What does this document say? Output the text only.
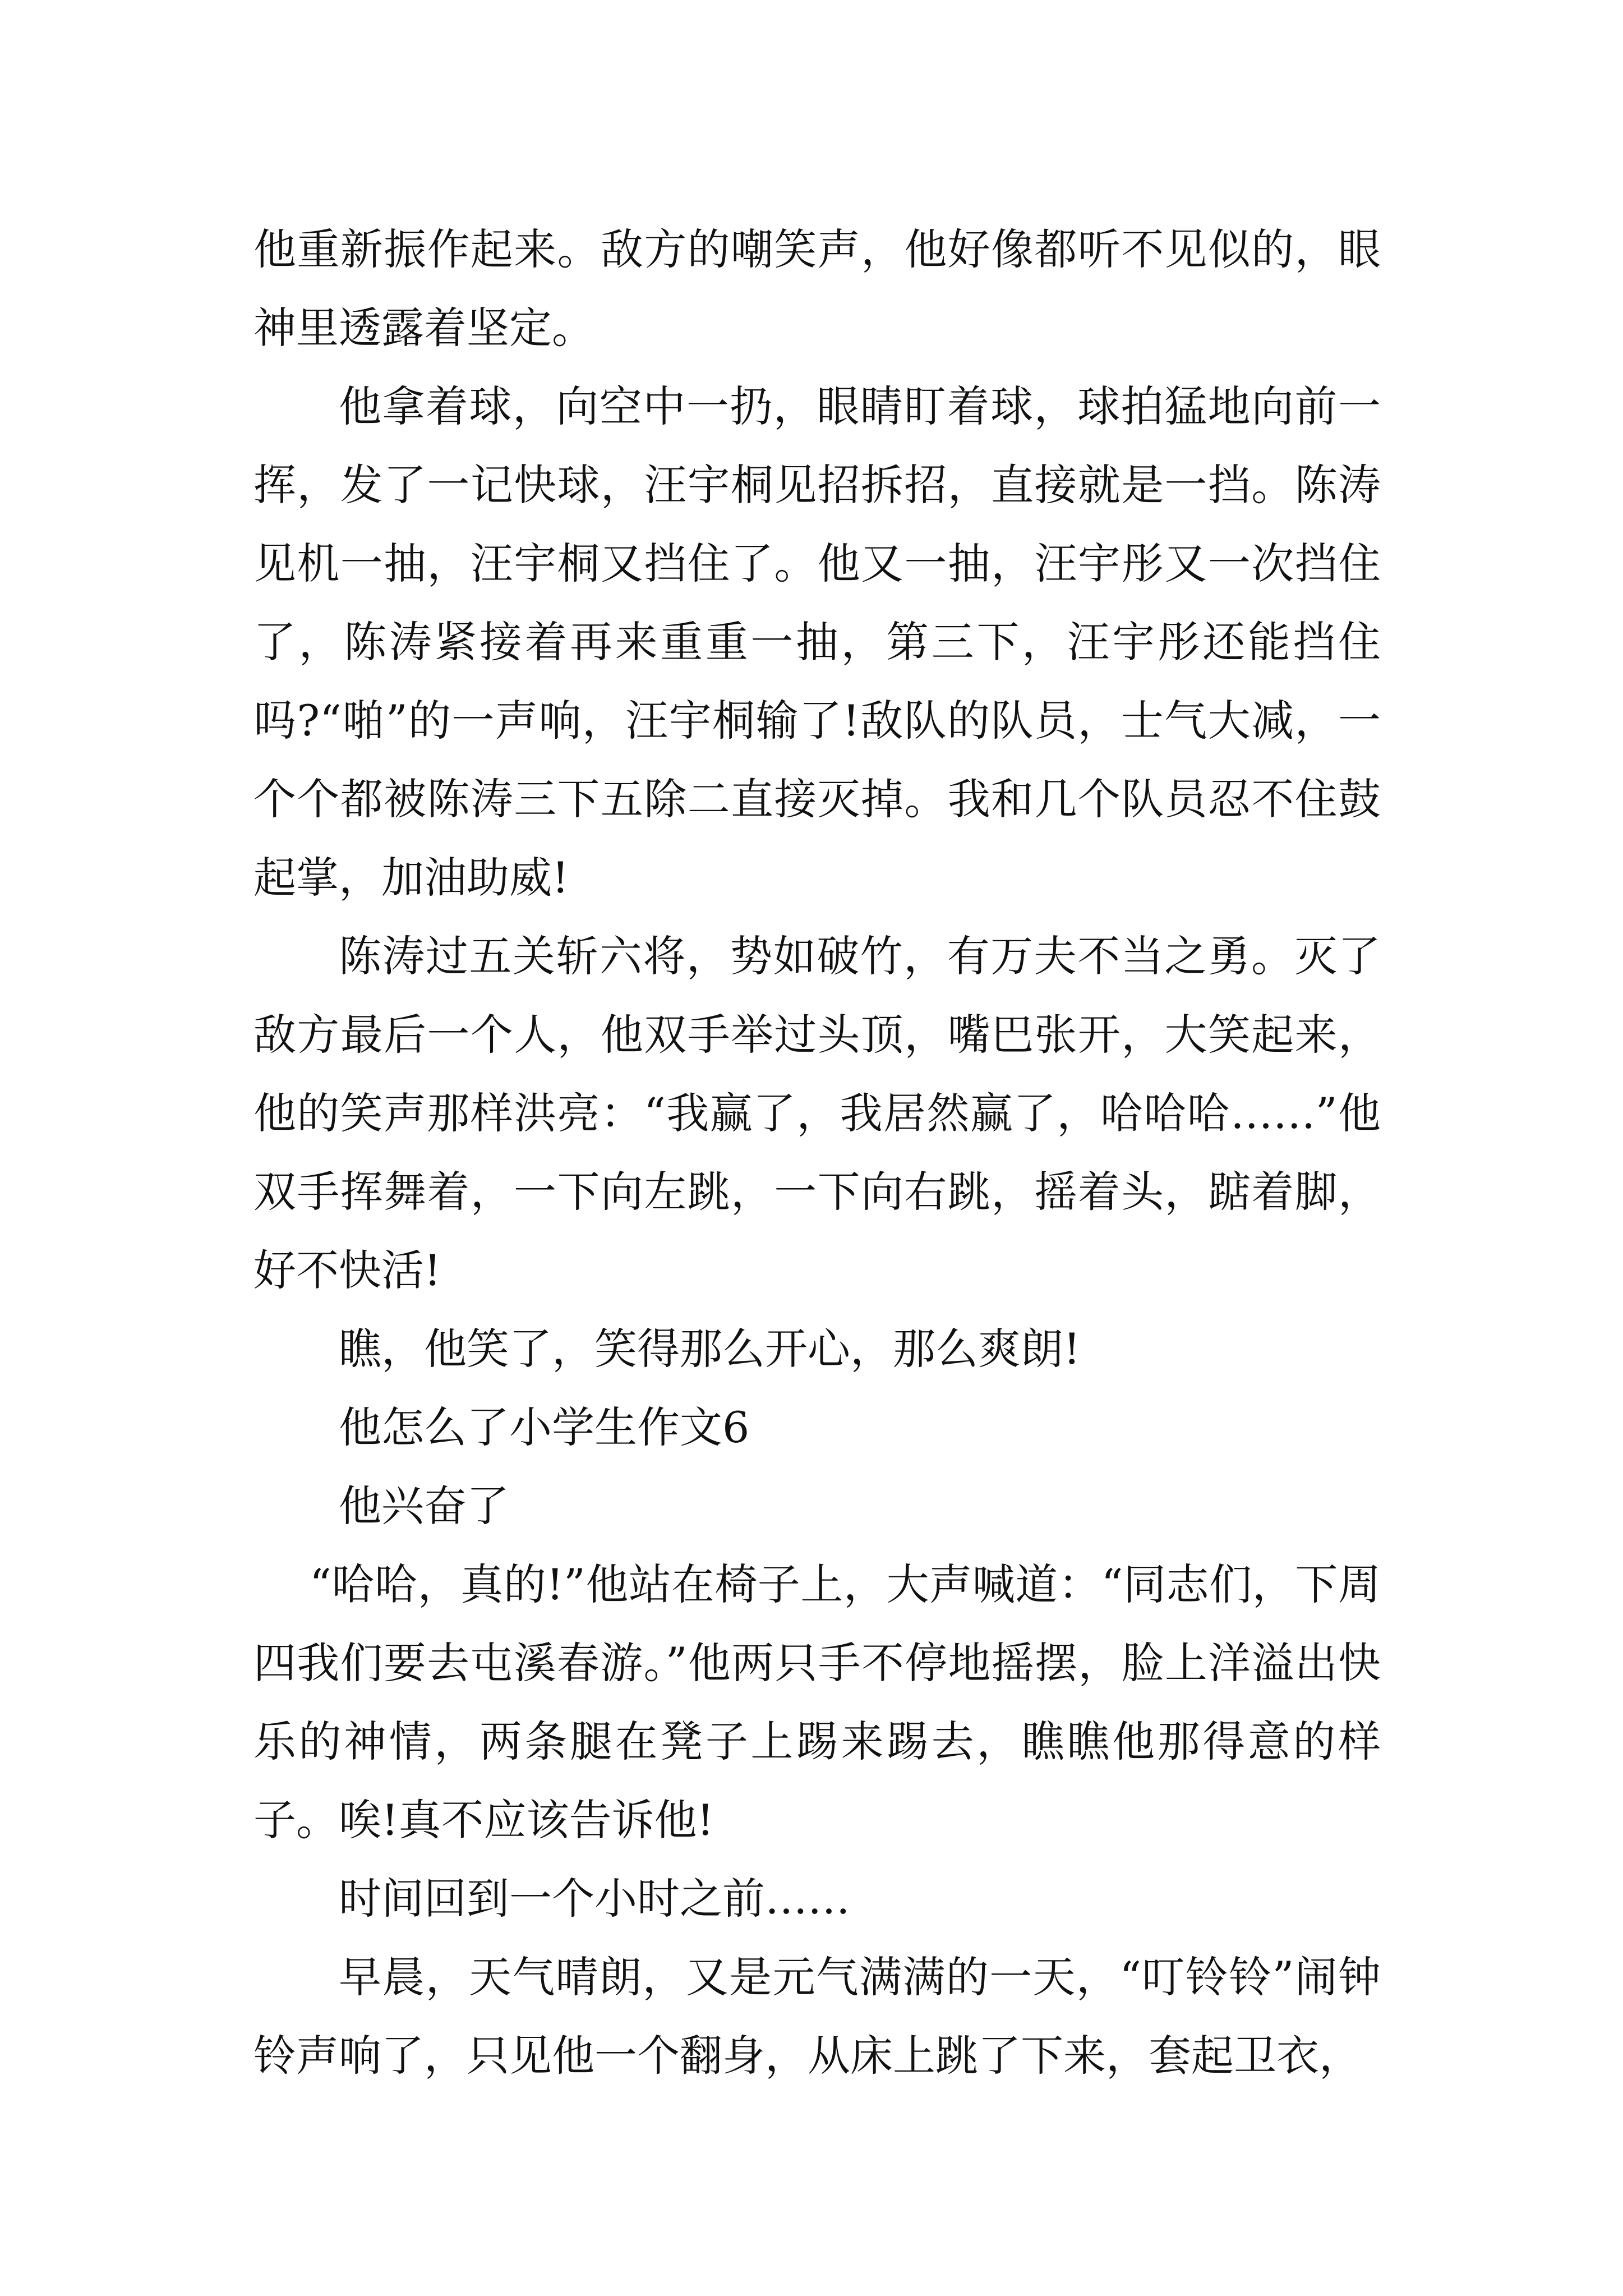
他重新振作起来。敌方的嘲笑声，他好像都听不见似的，眼神里透露着坚定。

他拿着球，向空中一扔，眼睛盯着球，球拍猛地向前一挥，发了一记快球，汪宇桐见招拆招，直接就是一挡。陈涛见机一抽，汪宇桐又挡住了。他又一抽，汪宇彤又一次挡住了，陈涛紧接着再来重重一抽，第三下，汪宇彤还能挡住吗?“啪”的一声响，汪宇桐输了!敌队的队员，士气大减，一个个都被陈涛三下五除二直接灭掉。我和几个队员忍不住鼓起掌，加油助威!

陈涛过五关斩六将，势如破竹，有万夫不当之勇。灭了敌方最后一个人，他双手举过头顶，嘴巴张开，大笑起来，他的笑声那样洪亮：“我赢了，我居然赢了，哈哈哈……”他双手挥舞着，一下向左跳，一下向右跳，摇着头，踮着脚，好不快活!

瞧，他笑了，笑得那么开心，那么爽朗!

他怎么了小学生作文6

他兴奋了

“哈哈，真的!”他站在椅子上，大声喊道：“同志们，下周四我们要去屯溪春游。”他两只手不停地摇摆，脸上洋溢出快乐的神情，两条腿在凳子上踢来踢去，瞧瞧他那得意的样子。唉!真不应该告诉他!

时间回到一个小时之前……

早晨，天气晴朗，又是元气满满的一天，“叮铃铃”闹钟铃声响了，只见他一个翻身，从床上跳了下来，套起卫衣，
